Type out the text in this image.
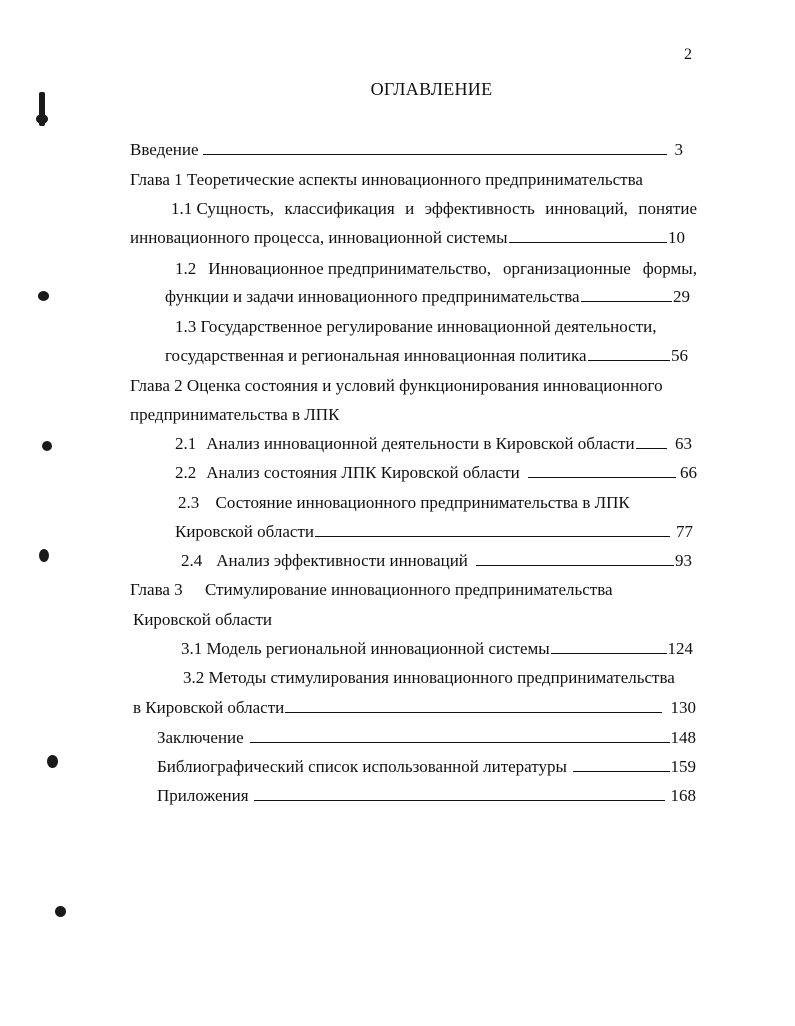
2
ОГЛАВЛЕНИЕ
Введение	3
Глава 1 Теоретические аспекты инновационного предпринимательства
1.1 Сущность, классификация и эффективность инноваций, понятие
инновационного процесса, инновационной системы	10
1.2 Инновационное предпринимательство, организационные формы,
функции и задачи инновационного предпринимательства	29
1.3 Государственное регулирование инновационной деятельности,
государственная и региональная инновационная политика	56
Глава 2 Оценка состояния и условий функционирования инновационного
предпринимательства в ЛПК
2.1 Анализ инновационной деятельности в Кировской области 63
2.2 Анализ состояния ЛПК Кировской области	66
2.3 Состояние инновационного предпринимательства в ЛПК
Кировской области	77
2.4 Анализ эффективности инноваций	93
Глава 3 Стимулирование инновационного предпринимательства
Кировской области
3.1 Модель региональной инновационной системы	124
3.2 Методы стимулирования инновационного предпринимательства
в Кировской области	130
Заключение	148
Библиографический список использованной литературы	159
Приложения	168
